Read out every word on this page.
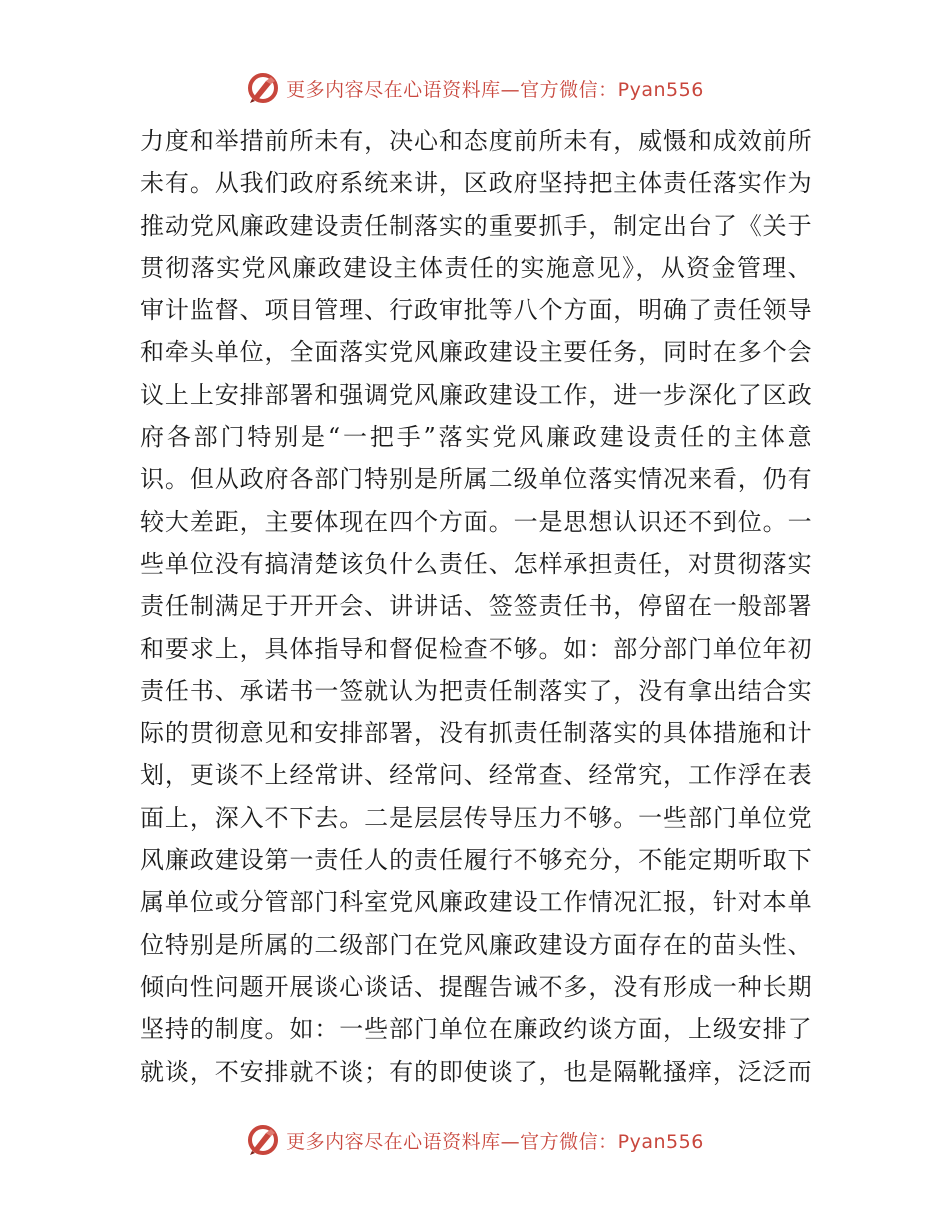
更多内容尽在心语资料库—官方微信：Pyan556
力度和举措前所未有，决心和态度前所未有，威慑和成效前所
未有。从我们政府系统来讲，区政府坚持把主体责任落实作为
推动党风廉政建设责任制落实的重要抓手，制定出台了《关于
贯彻落实党风廉政建设主体责任的实施意见》，从资金管理、
审计监督、项目管理、行政审批等八个方面，明确了责任领导
和牵头单位，全面落实党风廉政建设主要任务，同时在多个会
议上上安排部署和强调党风廉政建设工作，进一步深化了区政
府各部门特别是“一把手”落实党风廉政建设责任的主体意
识。但从政府各部门特别是所属二级单位落实情况来看，仍有
较大差距，主要体现在四个方面。一是思想认识还不到位。一
些单位没有搞清楚该负什么责任、怎样承担责任，对贯彻落实
责任制满足于开开会、讲讲话、签签责任书，停留在一般部署
和要求上，具体指导和督促检查不够。如：部分部门单位年初
责任书、承诺书一签就认为把责任制落实了，没有拿出结合实
际的贯彻意见和安排部署，没有抓责任制落实的具体措施和计
划，更谈不上经常讲、经常问、经常查、经常究，工作浮在表
面上，深入不下去。二是层层传导压力不够。一些部门单位党
风廉政建设第一责任人的责任履行不够充分，不能定期听取下
属单位或分管部门科室党风廉政建设工作情况汇报，针对本单
位特别是所属的二级部门在党风廉政建设方面存在的苗头性、
倾向性问题开展谈心谈话、提醒告诫不多，没有形成一种长期
坚持的制度。如：一些部门单位在廉政约谈方面，上级安排了
就谈，不安排就不谈；有的即使谈了，也是隔靴搔痒，泛泛而
更多内容尽在心语资料库—官方微信：Pyan556
